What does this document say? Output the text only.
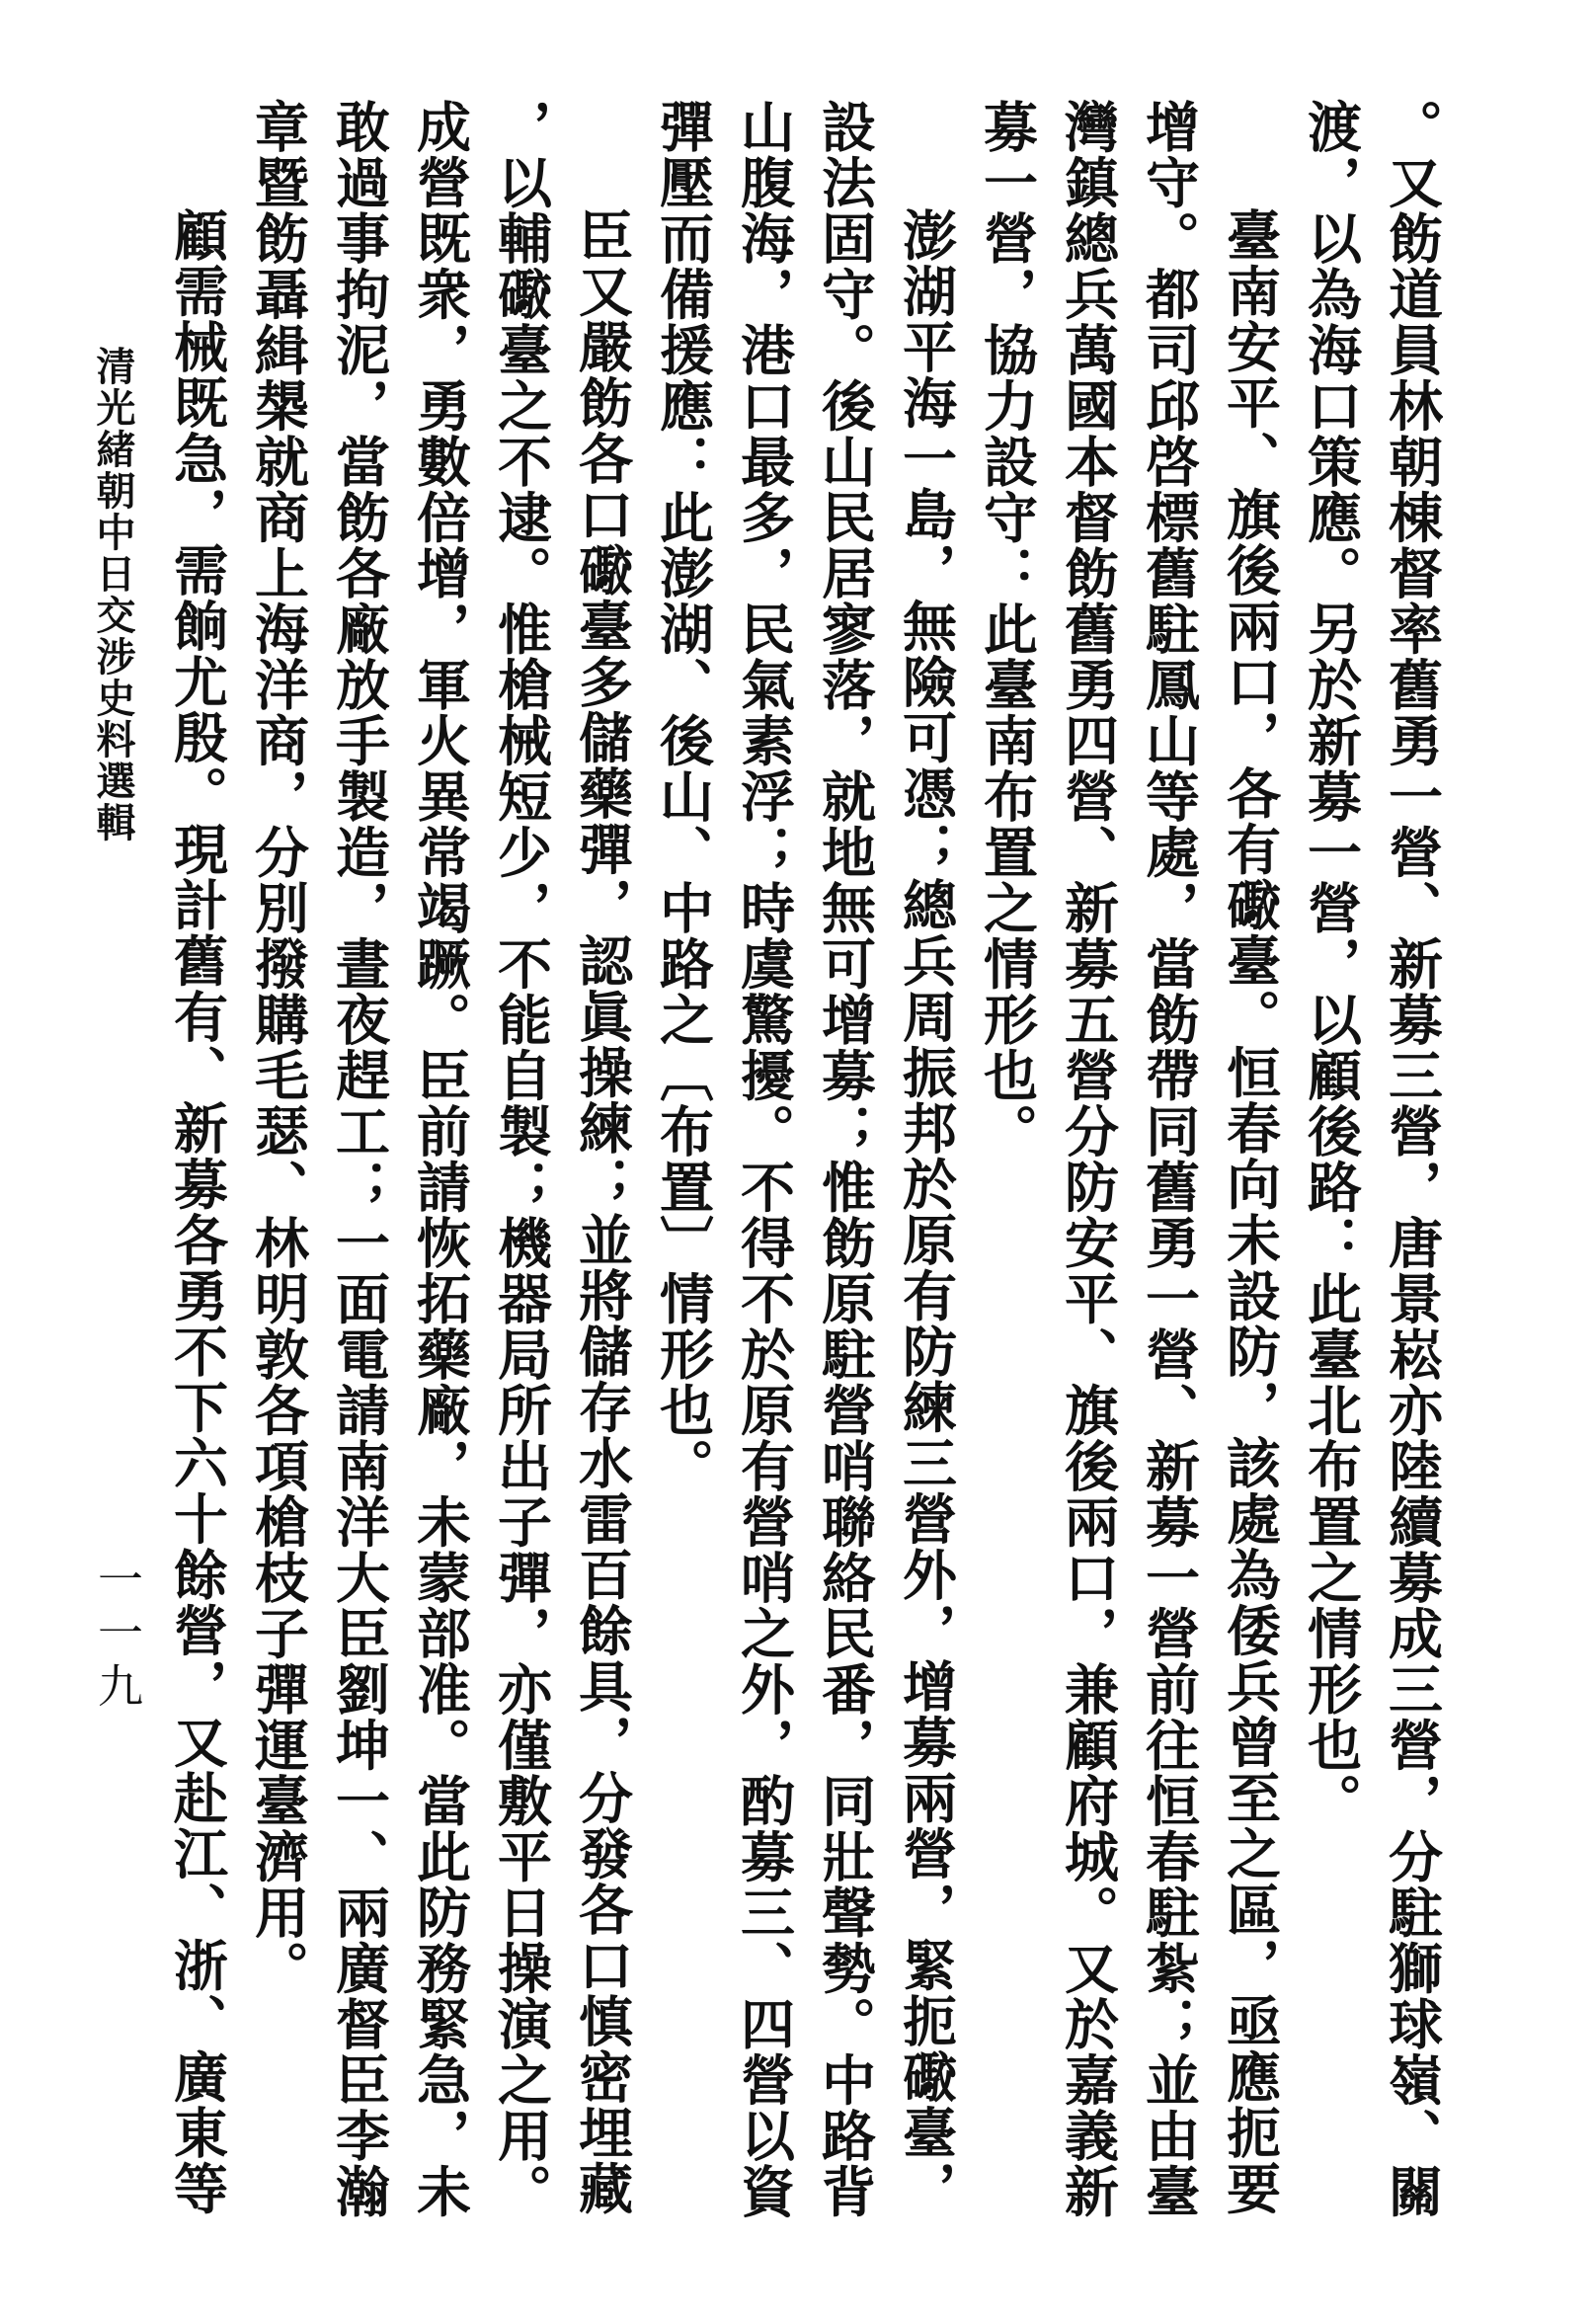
。又飭道員林朝棟督率舊勇一營、新募三營，唐景崧亦陸續募成三營，分駐獅球嶺、關
渡，以為海口策應。另於新募一營，以顧後路：此臺北布置之情形也。
臺南安平、旗後兩口，各有礮臺。恒春向未設防，該處為倭兵曾至之區，亟應扼要
增守。都司邱啓標舊駐鳳山等處，當飭帶同舊勇一營、新募一營前往恒春駐紮；並由臺
灣鎮總兵萬國本督飭舊勇四營、新募五營分防安平、旗後兩口，兼顧府城。又於嘉義新
募一營，協力設守：此臺南布置之情形也。
澎湖平海一島，無險可憑；總兵周振邦於原有防練三營外，增募兩營，緊扼礮臺，
設法固守。後山民居寥落，就地無可增募；惟飭原駐營哨聯絡民番，同壯聲勢。中路背
山腹海，港口最多，民氣素浮；時虞驚擾。不得不於原有營哨之外，酌募三、四營以資
彈壓而備援應：此澎湖、後山、中路之〔布置〕情形也。
臣又嚴飭各口礮臺多儲藥彈，認眞操練；並將儲存水雷百餘具，分發各口慎密埋藏
，以輔礮臺之不逮。惟槍械短少，不能自製；機器局所出子彈，亦僅敷平日操演之用。
成營既衆，勇數倍增，軍火異常竭蹶。臣前請恢拓藥廠，未蒙部准。當此防務緊急，未
敢過事拘泥，當飭各廠放手製造，晝夜趕工；一面電請南洋大臣劉坤一、兩廣督臣李瀚
章暨飭聶緝槼就商上海洋商，分別撥購毛瑟、林明敦各項槍枝子彈運臺濟用。
顧需械既急，需餉尤殷。現計舊有、新募各勇不下六十餘營，又赴江、浙、廣東等
清光緒朝中日交涉史料選輯
一一九
